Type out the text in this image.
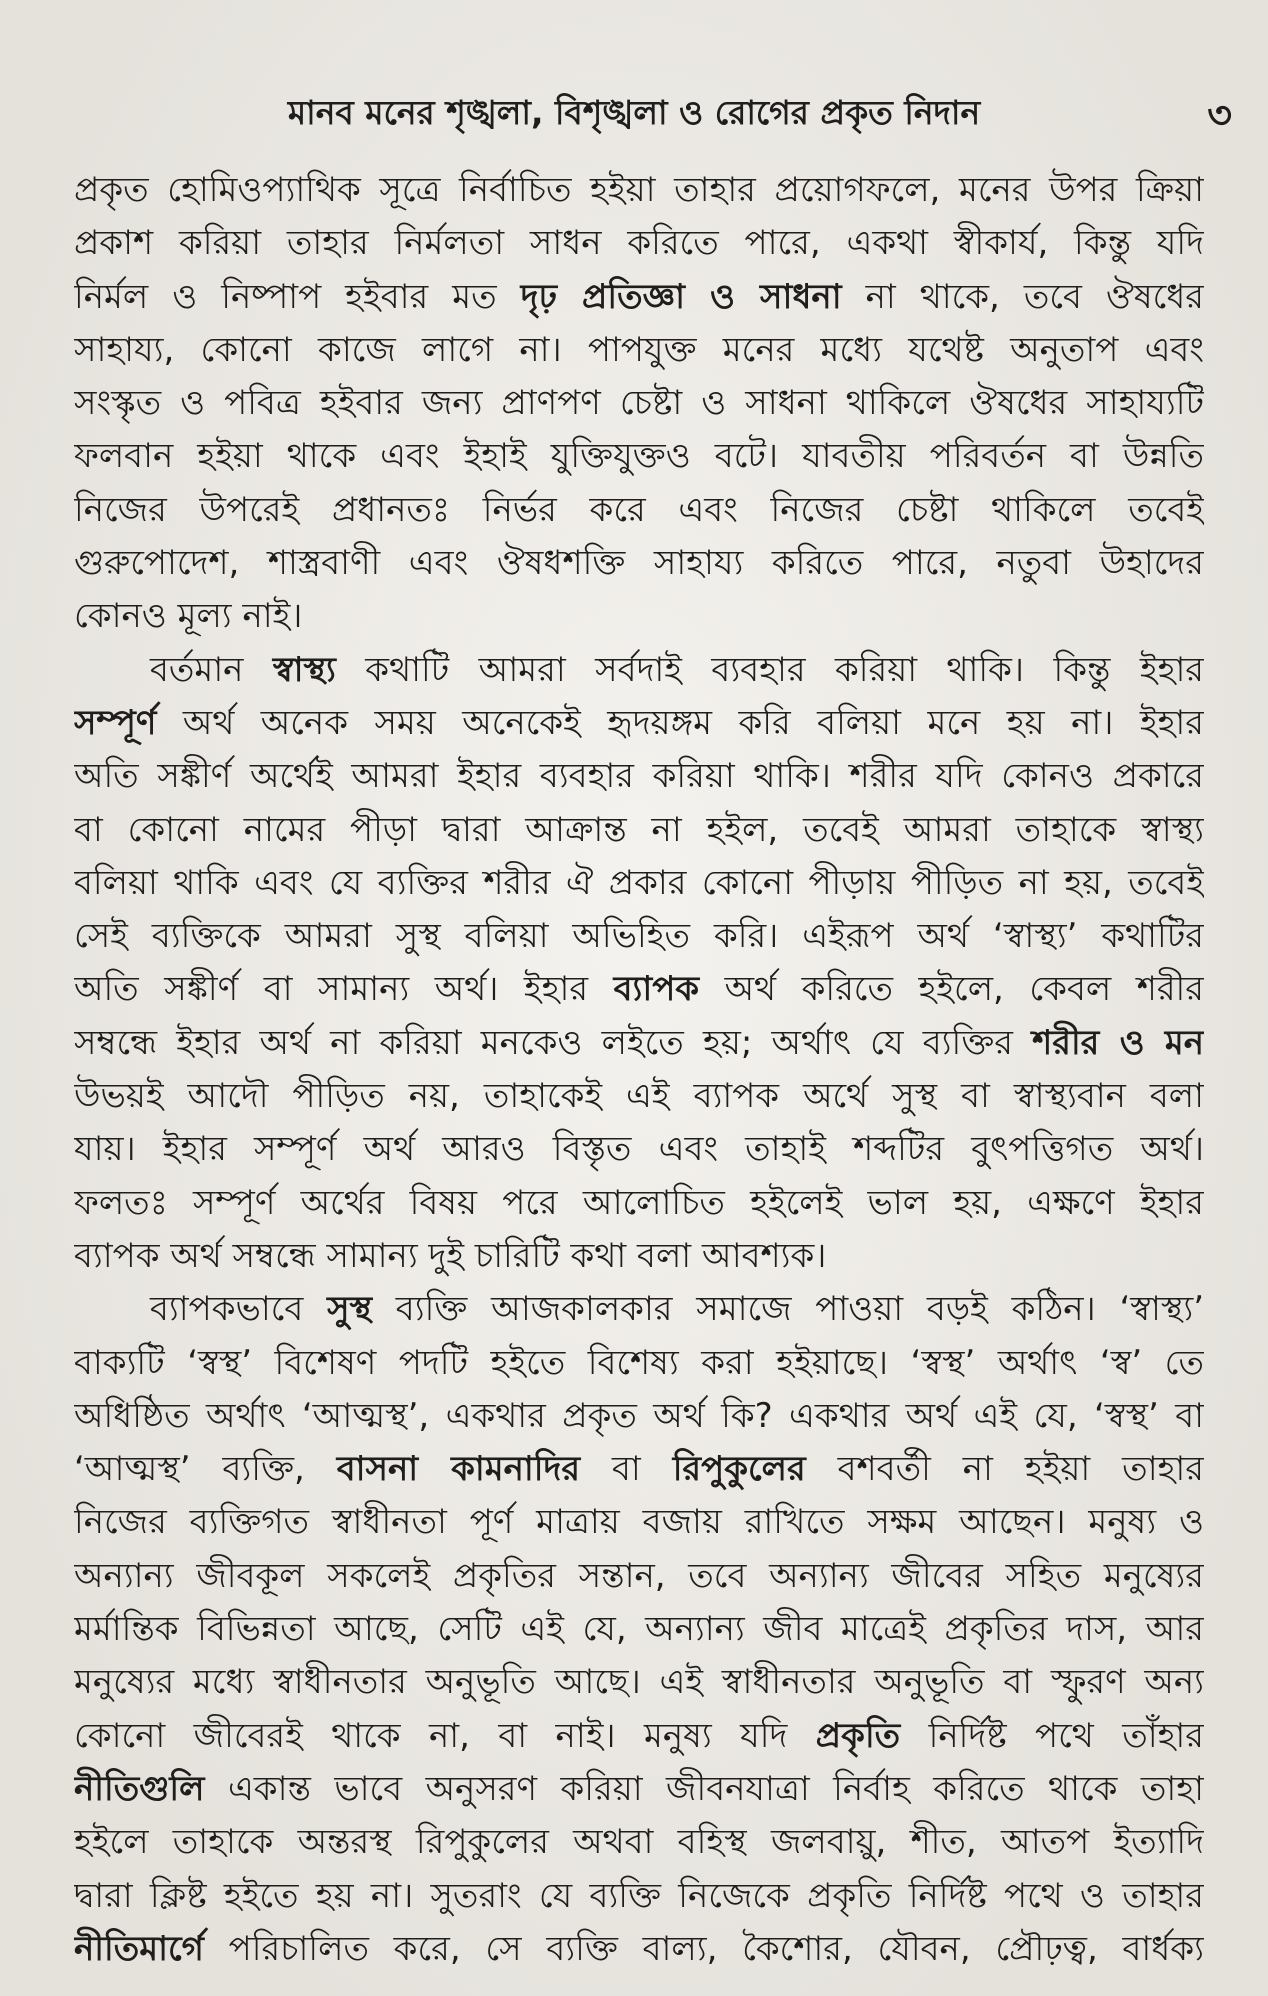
মানব মনের শৃঙ্খলা, বিশৃঙ্খলা ও রোগের প্রকৃত নিদান	৩
প্রকৃত হোমিওপ্যাথিক সূত্রে নির্বাচিত হইয়া তাহার প্রয়োগফলে, মনের উপর ক্রিয়া
প্রকাশ করিয়া তাহার নির্মলতা সাধন করিতে পারে, একথা স্বীকার্য, কিন্তু যদি
নির্মল ও নিষ্পাপ হইবার মত দৃঢ় প্রতিজ্ঞা ও সাধনা না থাকে, তবে ঔষধের
সাহায্য, কোনো কাজে লাগে না। পাপযুক্ত মনের মধ্যে যথেষ্ট অনুতাপ এবং
সংস্কৃত ও পবিত্র হইবার জন্য প্রাণপণ চেষ্টা ও সাধনা থাকিলে ঔষধের সাহায্যটি
ফলবান হইয়া থাকে এবং ইহাই যুক্তিযুক্তও বটে। যাবতীয় পরিবর্তন বা উন্নতি
নিজের উপরেই প্রধানতঃ নির্ভর করে এবং নিজের চেষ্টা থাকিলে তবেই
গুরুপোদেশ, শাস্ত্রবাণী এবং ঔষধশক্তি সাহায্য করিতে পারে, নতুবা উহাদের
কোনও মূল্য নাই।
বর্তমান স্বাস্থ্য কথাটি আমরা সর্বদাই ব্যবহার করিয়া থাকি। কিন্তু ইহার
সম্পূর্ণ অর্থ অনেক সময় অনেকেই হৃদয়ঙ্গম করি বলিয়া মনে হয় না। ইহার
অতি সঙ্কীর্ণ অর্থেই আমরা ইহার ব্যবহার করিয়া থাকি। শরীর যদি কোনও প্রকারে
বা কোনো নামের পীড়া দ্বারা আক্রান্ত না হইল, তবেই আমরা তাহাকে স্বাস্থ্য
বলিয়া থাকি এবং যে ব্যক্তির শরীর ঐ প্রকার কোনো পীড়ায় পীড়িত না হয়, তবেই
সেই ব্যক্তিকে আমরা সুস্থ বলিয়া অভিহিত করি। এইরূপ অর্থ ‘স্বাস্থ্য’ কথাটির
অতি সঙ্কীর্ণ বা সামান্য অর্থ। ইহার ব্যাপক অর্থ করিতে হইলে, কেবল শরীর
সম্বন্ধে ইহার অর্থ না করিয়া মনকেও লইতে হয়; অর্থাৎ যে ব্যক্তির শরীর ও মন
উভয়ই আদৌ পীড়িত নয়, তাহাকেই এই ব্যাপক অর্থে সুস্থ বা স্বাস্থ্যবান বলা
যায়। ইহার সম্পূর্ণ অর্থ আরও বিস্তৃত এবং তাহাই শব্দটির বুৎপত্তিগত অর্থ।
ফলতঃ সম্পূর্ণ অর্থের বিষয় পরে আলোচিত হইলেই ভাল হয়, এক্ষণে ইহার
ব্যাপক অর্থ সম্বন্ধে সামান্য দুই চারিটি কথা বলা আবশ্যক।
ব্যাপকভাবে সুস্থ ব্যক্তি আজকালকার সমাজে পাওয়া বড়ই কঠিন। ‘স্বাস্থ্য’
বাক্যটি ‘স্বস্থ’ বিশেষণ পদটি হইতে বিশেষ্য করা হইয়াছে। ‘স্বস্থ’ অর্থাৎ ‘স্ব’ তে
অধিষ্ঠিত অর্থাৎ ‘আত্মস্থ’, একথার প্রকৃত অর্থ কি? একথার অর্থ এই যে, ‘স্বস্থ’ বা
‘আত্মস্থ’ ব্যক্তি, বাসনা কামনাদির বা রিপুকুলের বশবর্তী না হইয়া তাহার
নিজের ব্যক্তিগত স্বাধীনতা পূর্ণ মাত্রায় বজায় রাখিতে সক্ষম আছেন। মনুষ্য ও
অন্যান্য জীবকূল সকলেই প্রকৃতির সন্তান, তবে অন্যান্য জীবের সহিত মনুষ্যের
মর্মান্তিক বিভিন্নতা আছে, সেটি এই যে, অন্যান্য জীব মাত্রেই প্রকৃতির দাস, আর
মনুষ্যের মধ্যে স্বাধীনতার অনুভূতি আছে। এই স্বাধীনতার অনুভূতি বা স্ফুরণ অন্য
কোনো জীবেরই থাকে না, বা নাই। মনুষ্য যদি প্রকৃতি নির্দিষ্ট পথে তাঁহার
নীতিগুলি একান্ত ভাবে অনুসরণ করিয়া জীবনযাত্রা নির্বাহ করিতে থাকে তাহা
হইলে তাহাকে অন্তরস্থ রিপুকুলের অথবা বহিস্থ জলবায়ু, শীত, আতপ ইত্যাদি
দ্বারা ক্লিষ্ট হইতে হয় না। সুতরাং যে ব্যক্তি নিজেকে প্রকৃতি নির্দিষ্ট পথে ও তাহার
নীতিমার্গে পরিচালিত করে, সে ব্যক্তি বাল্য, কৈশোর, যৌবন, প্রৌঢ়ত্ব, বার্ধক্য
